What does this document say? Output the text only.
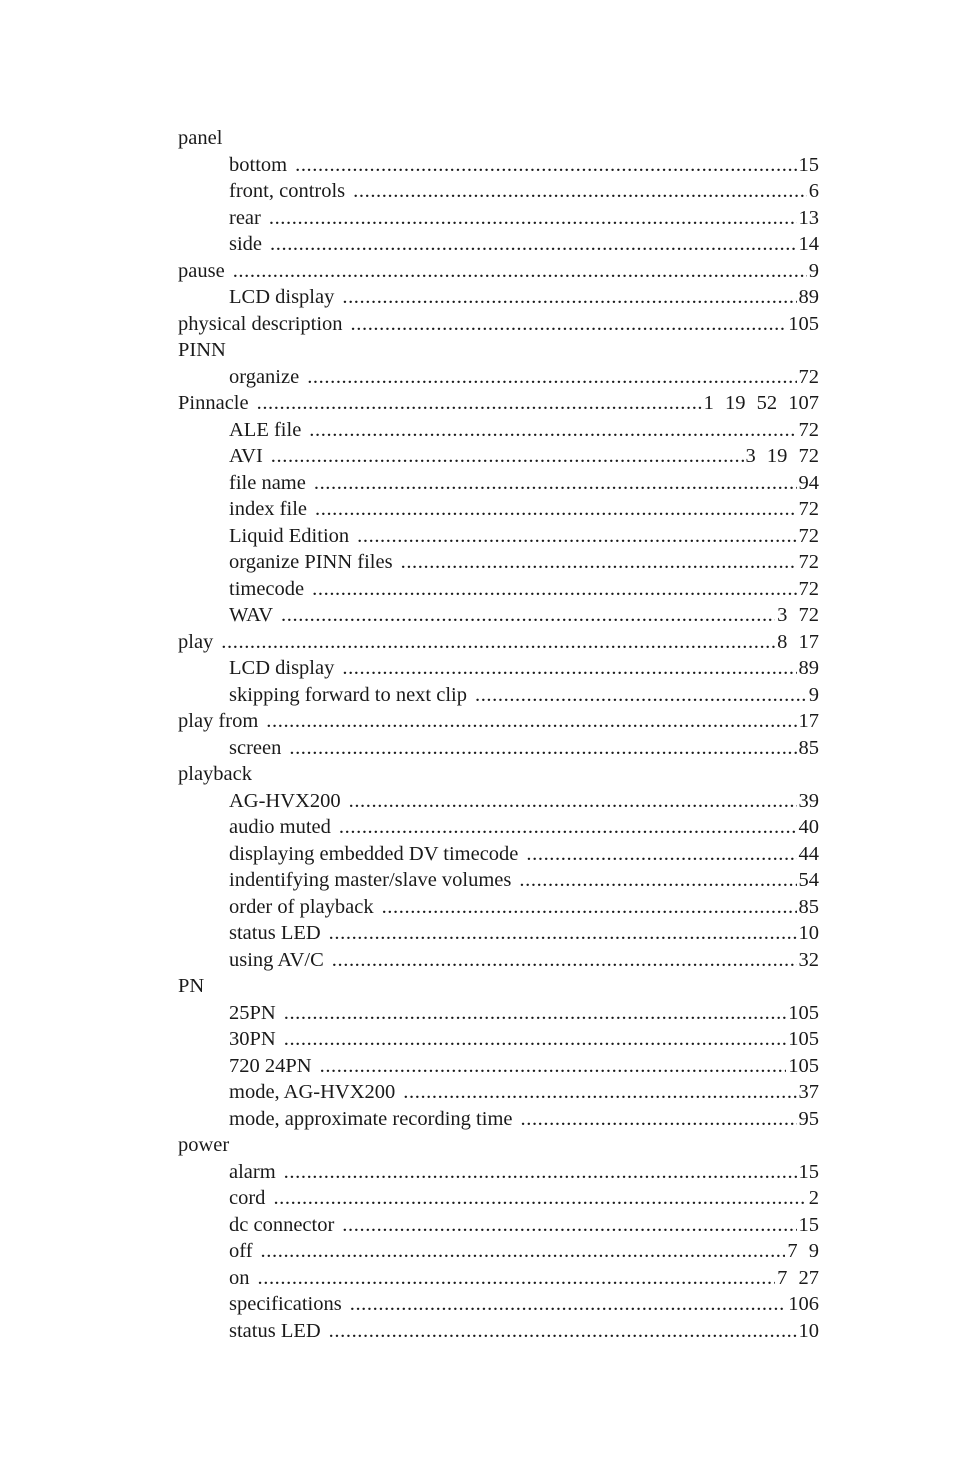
panel
bottom .....	15
front, controls .....	6
rear .....	13
side .....	14
pause .....	9
LCD display .....	89
physical description .....	105
PINN
organize .....	72
Pinnacle .....	1 19 52 107
ALE file .....	72
AVI .....	3 19 72
file name .....	94
index file .....	72
Liquid Edition .....	72
organize PINN files .....	72
timecode .....	72
WAV .....	3 72
play .....	8 17
LCD display .....	89
skipping forward to next clip .....	9
play from .....	17
screen .....	85
playback
AG-HVX200 .....	39
audio muted .....	40
displaying embedded DV timecode .....	44
indentifying master/slave volumes .....	54
order of playback .....	85
status LED .....	10
using AV/C .....	32
PN
25PN .....	105
30PN .....	105
720 24PN .....	105
mode, AG-HVX200 .....	37
mode, approximate recording time .....	95
power
alarm .....	15
cord .....	2
dc connector .....	15
off .....	7 9
on .....	7 27
specifications .....	106
status LED .....	10
